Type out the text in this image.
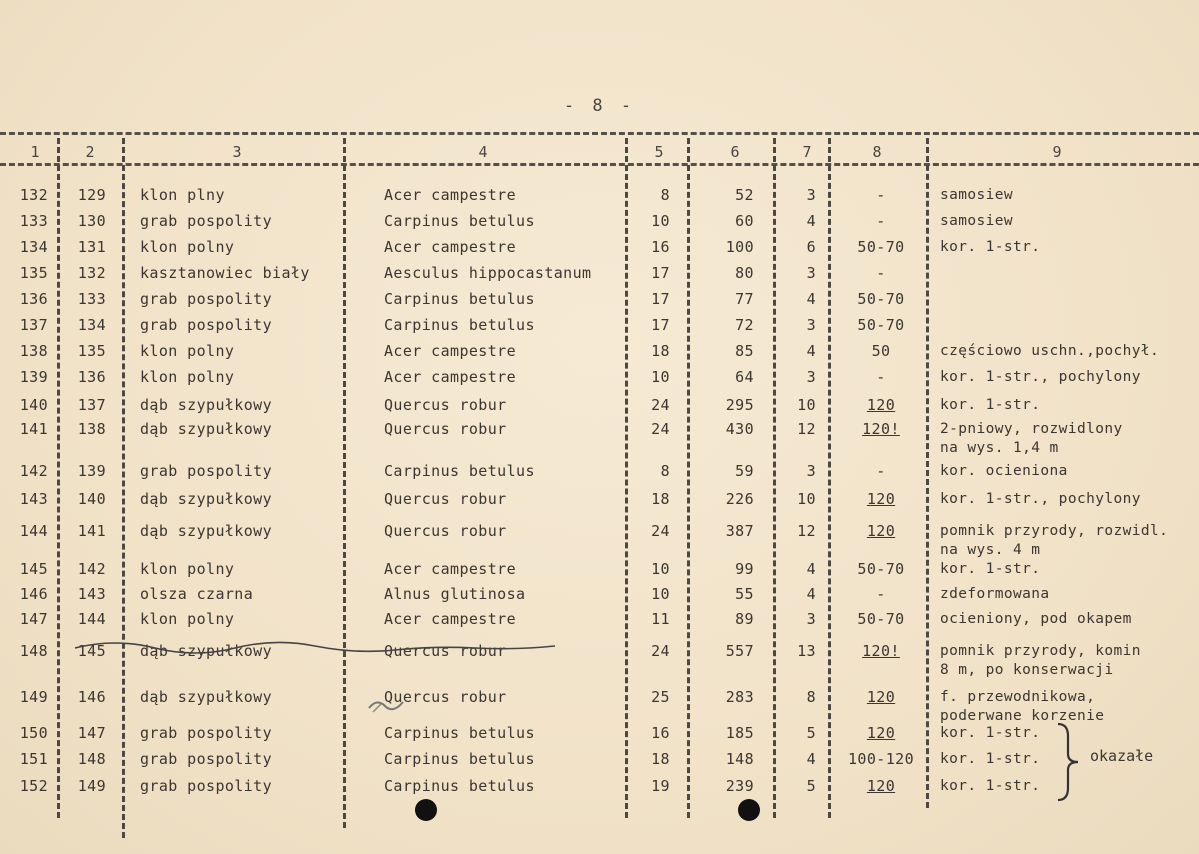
- 8 -
1	2	3	4	5	6	7	8	9
132	129 klon plny	Acer campestre	8	52	3	-	samosiew
133	130 grab pospolity	Carpinus betulus	10	60	4	-	samosiew
134	131 klon polny	Acer campestre	16	100	6	50-70	kor. 1-str.
135	132 kasztanowiec biały	Aesculus hippocastanum	17	80	3	-
136	133 grab pospolity	Carpinus betulus	17	77	4	50-70
137	134 grab pospolity	Carpinus betulus	17	72	3	50-70
138	135 klon polny	Acer campestre	18	85	4	50	częściowo uschn.,pochył.
139	136 klon polny	Acer campestre	10	64	3	-	kor. 1-str., pochylony
140	137 dąb szypułkowy	Quercus robur	24	295	10	120	kor. 1-str.
141	138 dąb szypułkowy	Quercus robur	24	430	12	120!	2-pniowy, rozwidlony
na wys. 1,4 m
142	139 grab pospolity	Carpinus betulus	8	59	3	-	kor. ocieniona
143	140 dąb szypułkowy	Quercus robur	18	226	10	120	kor. 1-str., pochylony
144	141 dąb szypułkowy	Quercus robur	24	387	12	120	pomnik przyrody, rozwidl.
na wys. 4 m
145	142 klon polny	Acer campestre	10	99	4	50-70	kor. 1-str.
146	143 olsza czarna	Alnus glutinosa	10	55	4	-	zdeformowana
147	144 klon polny	Acer campestre	11	89	3	50-70	ocieniony, pod okapem
148	145 dąb szypułkowy	Quercus robur	24	557	13	120!	pomnik przyrody, komin
8 m, po konserwacji
149	146 dąb szypułkowy	Quercus robur	25	283	8	120	f. przewodnikowa,
poderwane korzenie
150	147 grab pospolity	Carpinus betulus	16	185	5	120	kor. 1-str.
151	148 grab pospolity	Carpinus betulus	18	148	4	100-120	kor. 1-str.
152	149 grab pospolity	Carpinus betulus	19	239	5	120	kor. 1-str.
okazałe
